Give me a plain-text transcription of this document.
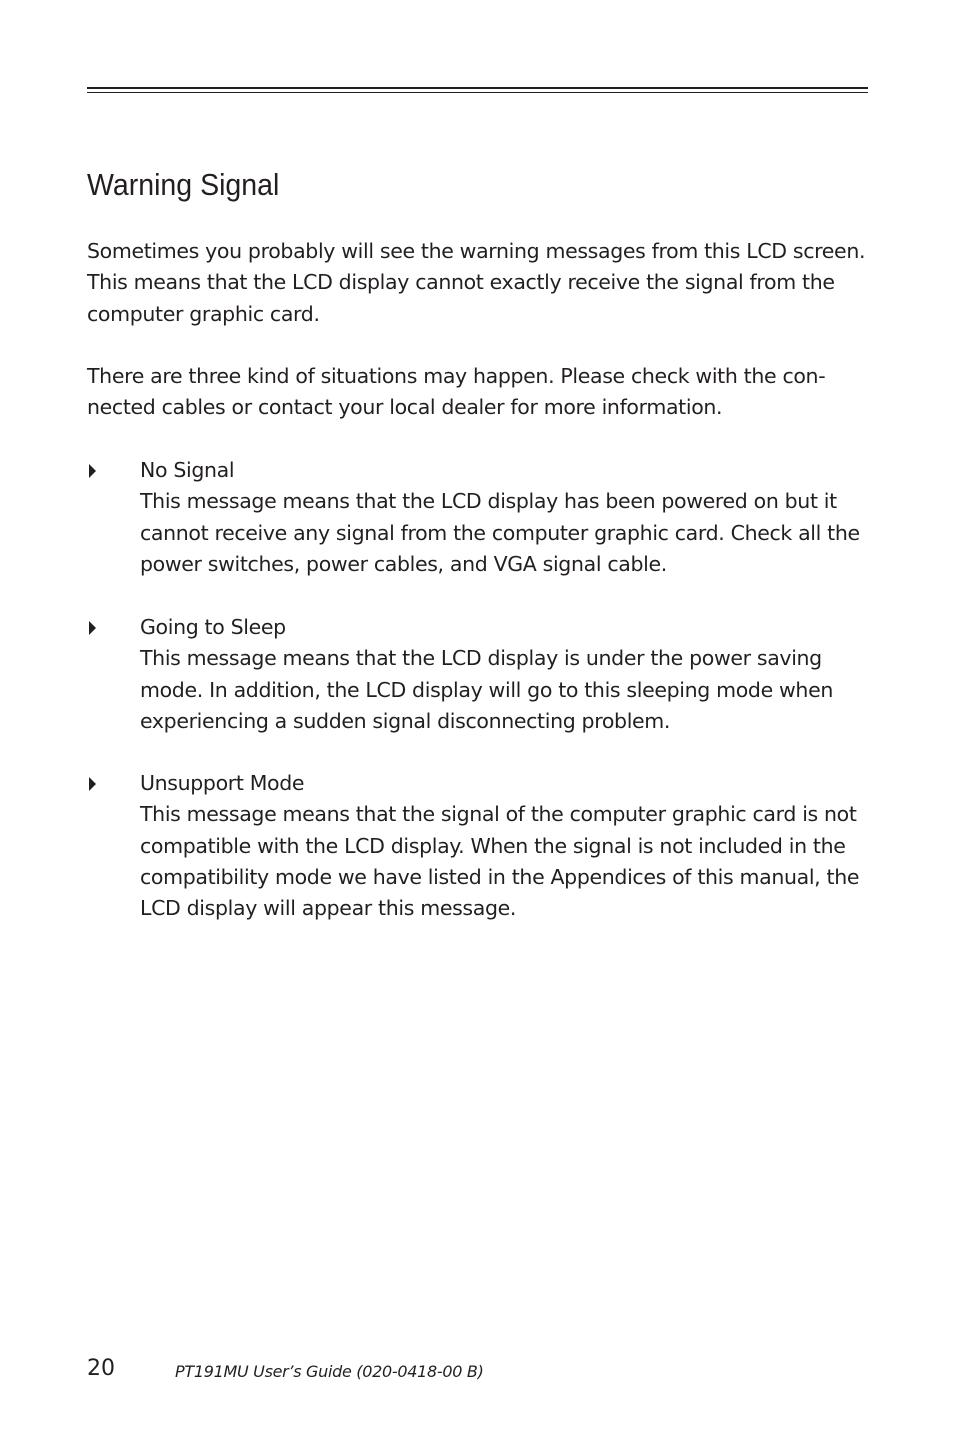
Warning Signal

Sometimes you probably will see the warning messages from this LCD screen. This means that the LCD display cannot exactly receive the signal from the computer graphic card.

There are three kind of situations may happen. Please check with the con-nected cables or contact your local dealer for more information.

No Signal
This message means that the LCD display has been powered on but it cannot receive any signal from the computer graphic card. Check all the power switches, power cables, and VGA signal cable.
Going to Sleep
This message means that the LCD display is under the power saving mode. In addition, the LCD display will go to this sleeping mode when experiencing a sudden signal disconnecting problem.
Unsupport Mode
This message means that the signal of the computer graphic card is not compatible with the LCD display. When the signal is not included in the compatibility mode we have listed in the Appendices of this manual, the LCD display will appear this message.
20	PT191MU User’s Guide (020-0418-00 B)
